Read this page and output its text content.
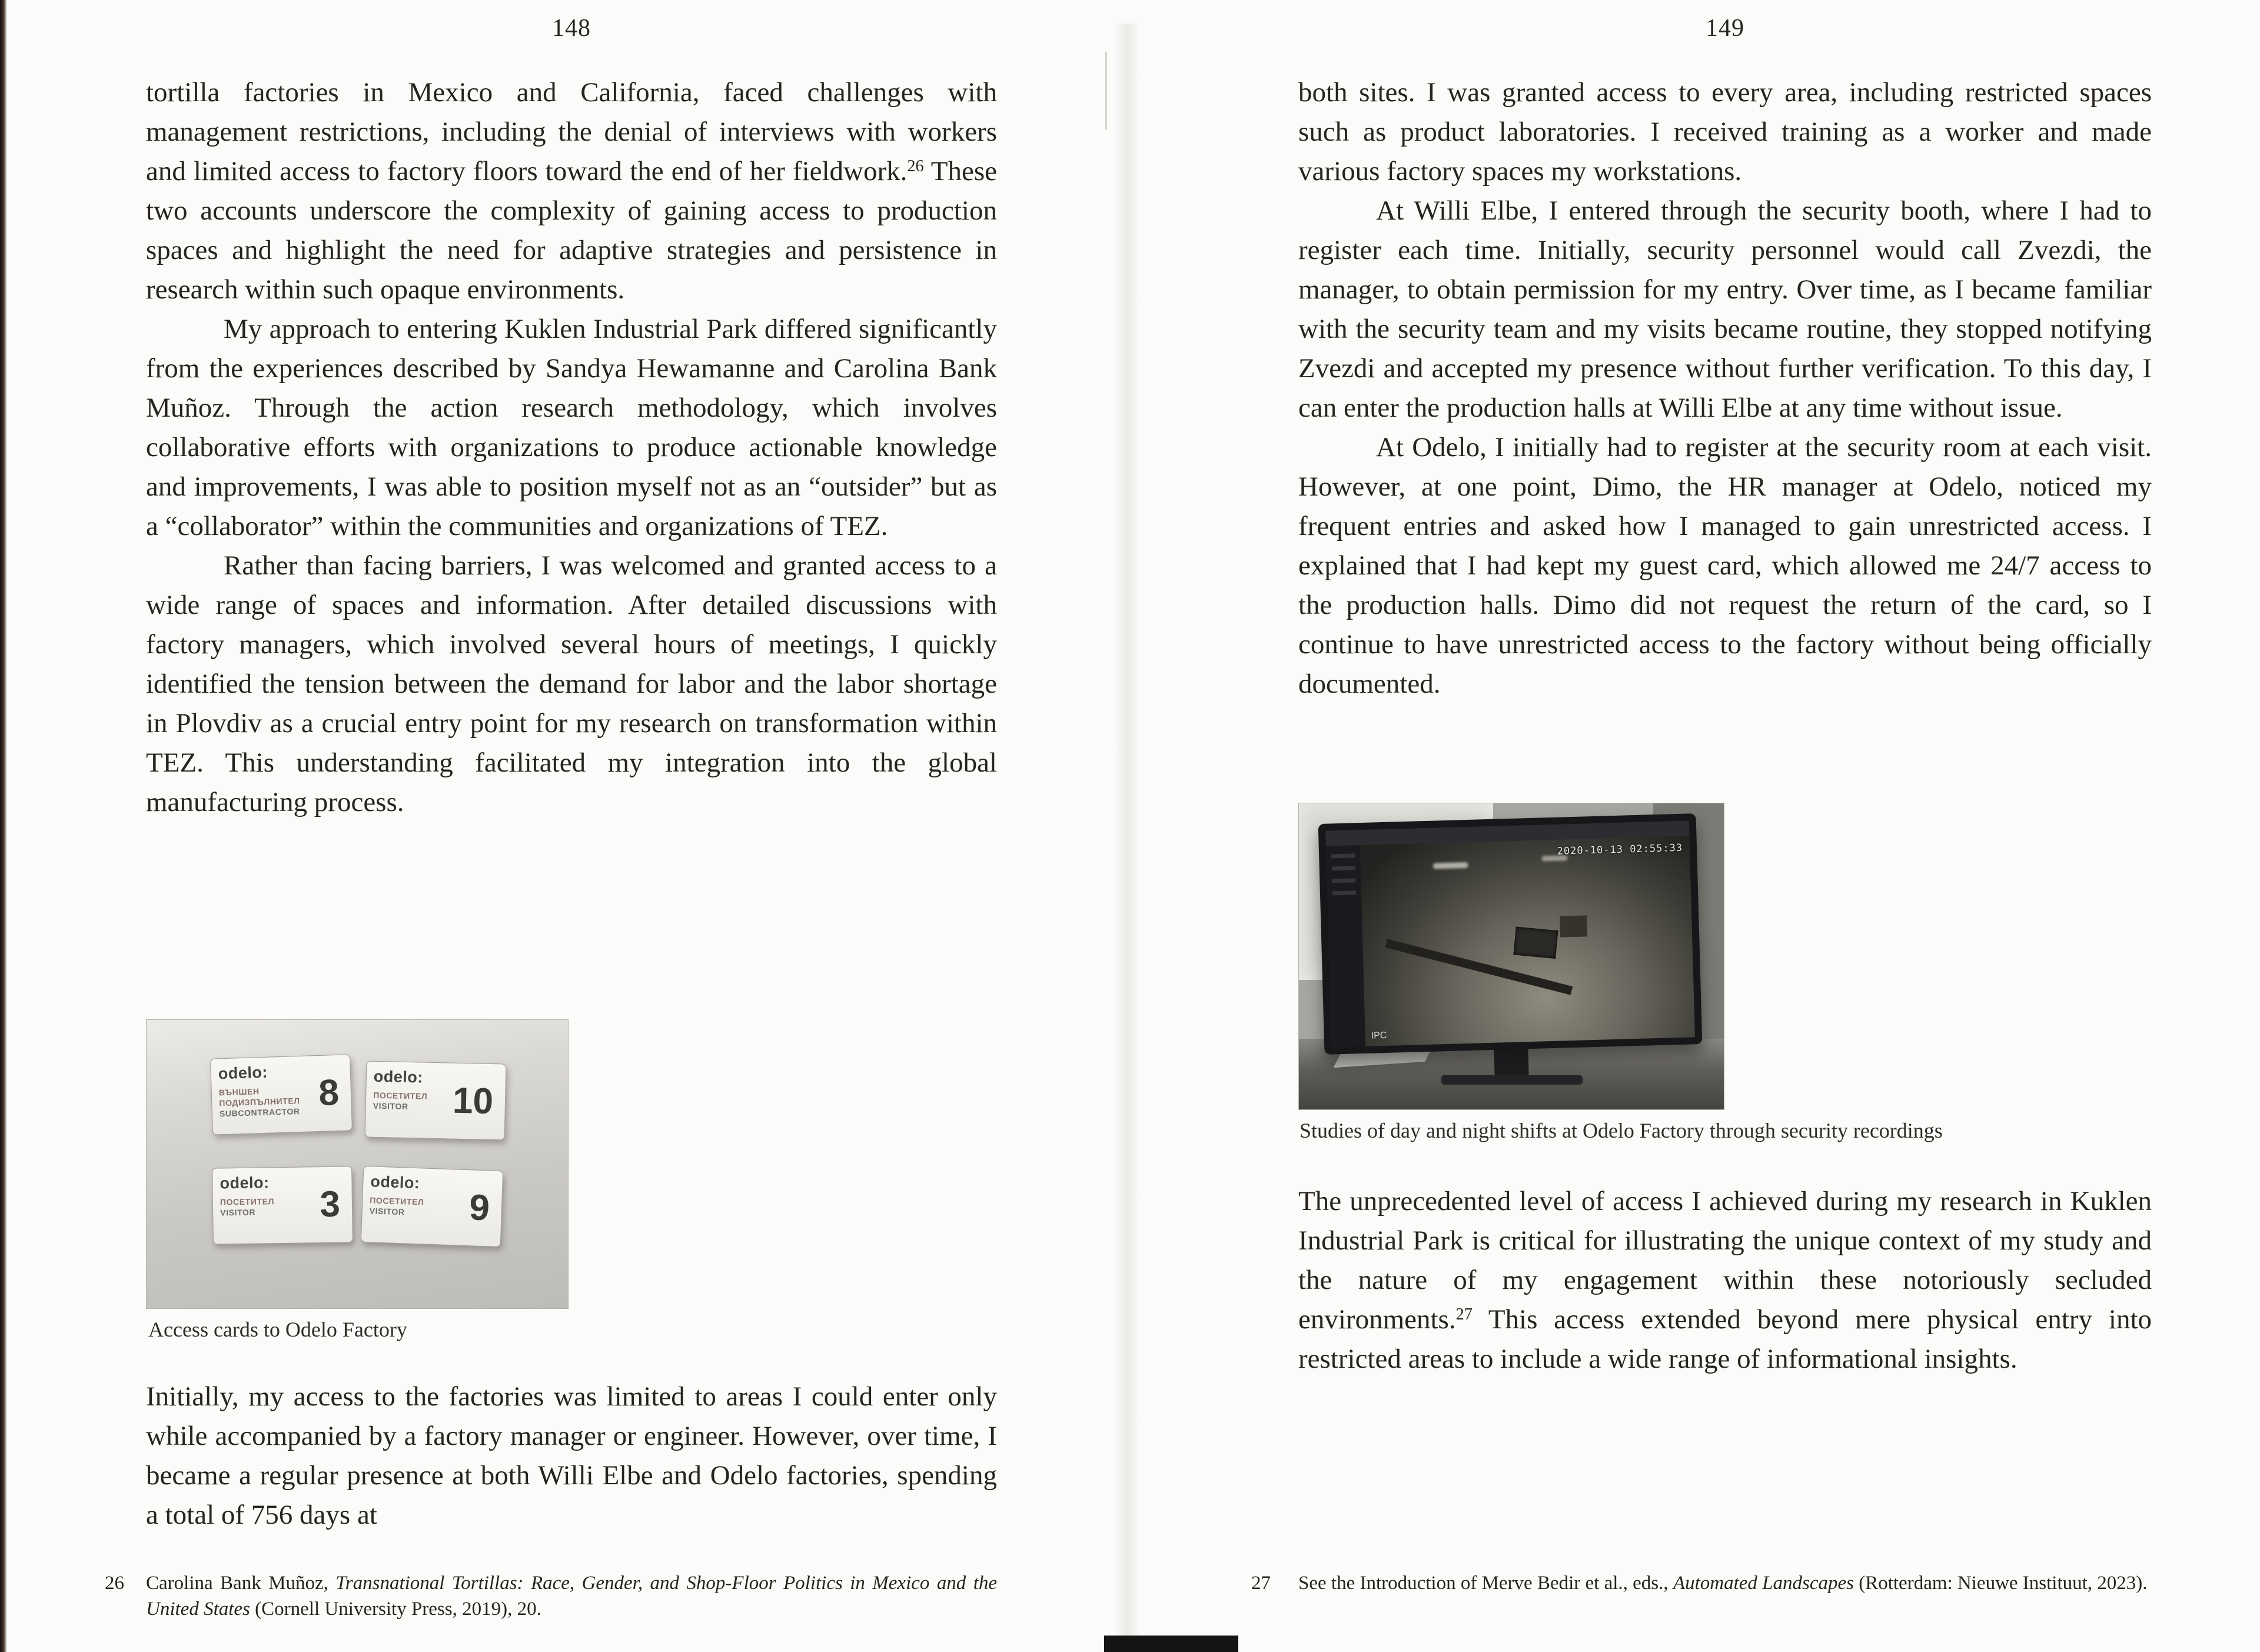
148

tortilla factories in Mexico and California, faced challenges with management restrictions, including the denial of interviews with workers and limited access to factory floors toward the end of her fieldwork.$^{26}$ These two accounts underscore the complexity of gaining access to production spaces and highlight the need for adaptive strategies and persistence in research within such opaque environments.

My approach to entering Kuklen Industrial Park differed significantly from the experiences described by Sandya Hewamanne and Carolina Bank Muñoz. Through the action research methodology, which involves collaborative efforts with organizations to produce actionable knowledge and improvements, I was able to position myself not as an “outsider” but as a “collaborator” within the communities and organizations of TEZ.

Rather than facing barriers, I was welcomed and granted access to a wide range of spaces and information. After detailed discussions with factory managers, which involved several hours of meetings, I quickly identified the tension between the demand for labor and the labor shortage in Plovdiv as a crucial entry point for my research on transformation within TEZ. This understanding facilitated my integration into the global manufacturing process.

odelo:
ВЪНШЕН
ПОДИЗПЪЛНИТЕЛ
SUBCONTRACTOR 8 odelo:
ПОСЕТИТЕЛ
VISITOR	10
odelo:
ПОСЕТИТЕЛ
VISITOR	3
odelo:
ПОСЕТИТЕЛ
VISITOR	9
Access cards to Odelo Factory

Initially, my access to the factories was limited to areas I could enter only while accompanied by a factory manager or engineer. However, over time, I became a regular presence at both Willi Elbe and Odelo factories, spending a total of 756 days at

26	Carolina Bank Muñoz, Transnational Tortillas: Race, Gender, and Shop-Floor Politics in Mexico and the United States (Cornell University Press, 2019), 20.
149

both sites. I was granted access to every area, including restricted spaces such as product laboratories. I received training as a worker and made various factory spaces my workstations.

At Willi Elbe, I entered through the security booth, where I had to register each time. Initially, security personnel would call Zvezdi, the manager, to obtain permission for my entry. Over time, as I became familiar with the security team and my visits became routine, they stopped notifying Zvezdi and accepted my presence without further verification. To this day, I can enter the production halls at Willi Elbe at any time without issue.

At Odelo, I initially had to register at the security room at each visit. However, at one point, Dimo, the HR manager at Odelo, noticed my frequent entries and asked how I managed to gain unrestricted access. I explained that I had kept my guest card, which allowed me 24/7 access to the production halls. Dimo did not request the return of the card, so I continue to have unrestricted access to the factory without being officially documented.

2020-10-13 02:55:33
IPC
Studies of day and night shifts at Odelo Factory through security recordings

The unprecedented level of access I achieved during my research in Kuklen Industrial Park is critical for illustrating the unique context of my study and the nature of my engagement within these notoriously secluded environments.$^{27}$ This access extended beyond mere physical entry into restricted areas to include a wide range of informational insights.

27	See the Introduction of Merve Bedir et al., eds., Automated Landscapes (Rotterdam: Nieuwe Instituut, 2023).
